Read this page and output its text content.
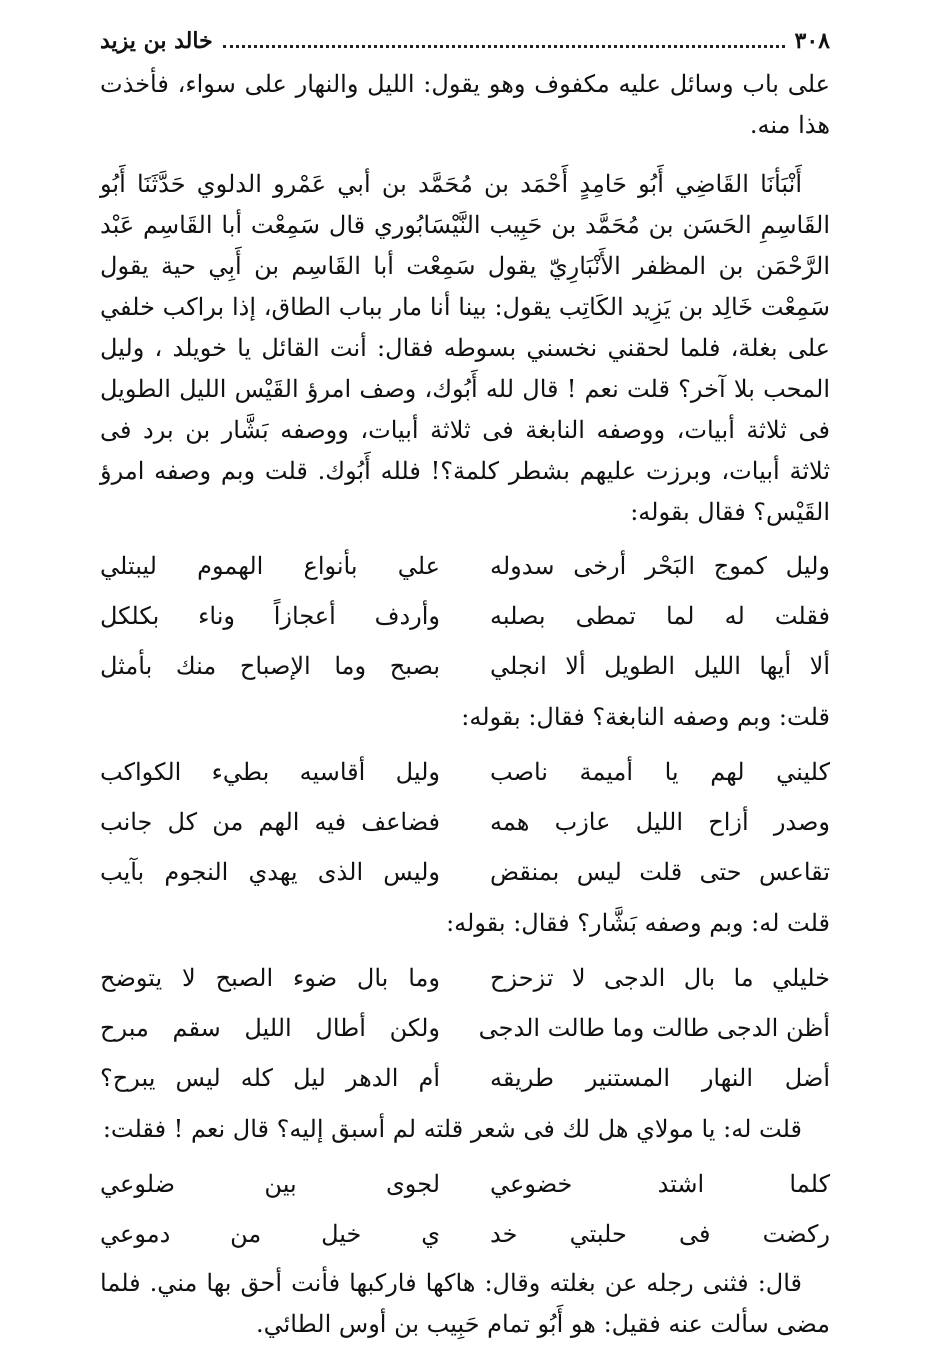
٣٠٨
خالد بن يزيد

على باب وسائل عليه مكفوف وهو يقول: الليل والنهار على سواء، فأخذت هذا منه.

أَنْبَأنَا القَاضِي أَبُو حَامِدٍ أَحْمَد بن مُحَمَّد بن أبي عَمْرو الدلوي حَدَّثَنَا أَبُو القَاسِمِ الحَسَن بن مُحَمَّد بن حَبِيب النَّيْسَابُوري قال سَمِعْت أبا القَاسِم عَبْد الرَّحْمَن بن المظفر الأَنْبَارِيّ يقول سَمِعْت أبا القَاسِم بن أَبِي حية يقول سَمِعْت خَالِد بن يَزِيد الكَاتِب يقول: بينا أنا مار بباب الطاق، إذا براكب خلفي على بغلة، فلما لحقني نخسني بسوطه فقال: أنت القائل يا خويلد ، وليل المحب بلا آخر؟ قلت نعم ! قال لله أَبُوك، وصف امرؤ القَيْس الليل الطويل فى ثلاثة أبيات، ووصفه النابغة فى ثلاثة أبيات، ووصفه بَشَّار بن برد فى ثلاثة أبيات، وبرزت عليهم بشطر كلمة؟! فلله أَبُوك. قلت وبم وصفه امرؤ القَيْس؟ فقال بقوله:

وليل كموج البَحْر أرخى سدوله
علي بأنواع الهموم ليبتلي
فقلت له لما تمطى بصلبه
وأردف أعجازاً وناء بكلكل
ألا أيها الليل الطويل ألا انجلي
بصبح وما الإصباح منك بأمثل

قلت: وبم وصفه النابغة؟ فقال: بقوله:

كليني لهم يا أميمة ناصب
وليل أقاسيه بطيء الكواكب
وصدر أزاح الليل عازب همه
فضاعف فيه الهم من كل جانب
تقاعس حتى قلت ليس بمنقض
وليس الذى يهدي النجوم بآيب

قلت له: وبم وصفه بَشَّار؟ فقال: بقوله:

خليلي ما بال الدجى لا تزحزح
وما بال ضوء الصبح لا يتوضح
أظن الدجى طالت وما طالت الدجى
ولكن أطال الليل سقم مبرح
أضل النهار المستنير طريقه
أم الدهر ليل كله ليس يبرح؟

قلت له: يا مولاي هل لك فى شعر قلته لم أسبق إليه؟ قال نعم ! فقلت:

كلما اشتد خضوعي
لجوى بين ضلوعي
ركضت فى حلبتي خد
ي خيل من دموعي

قال: فثنى رجله عن بغلته وقال: هاكها فاركبها فأنت أحق بها مني. فلما مضى سألت عنه فقيل: هو أَبُو تمام حَبِيب بن أوس الطائي.
